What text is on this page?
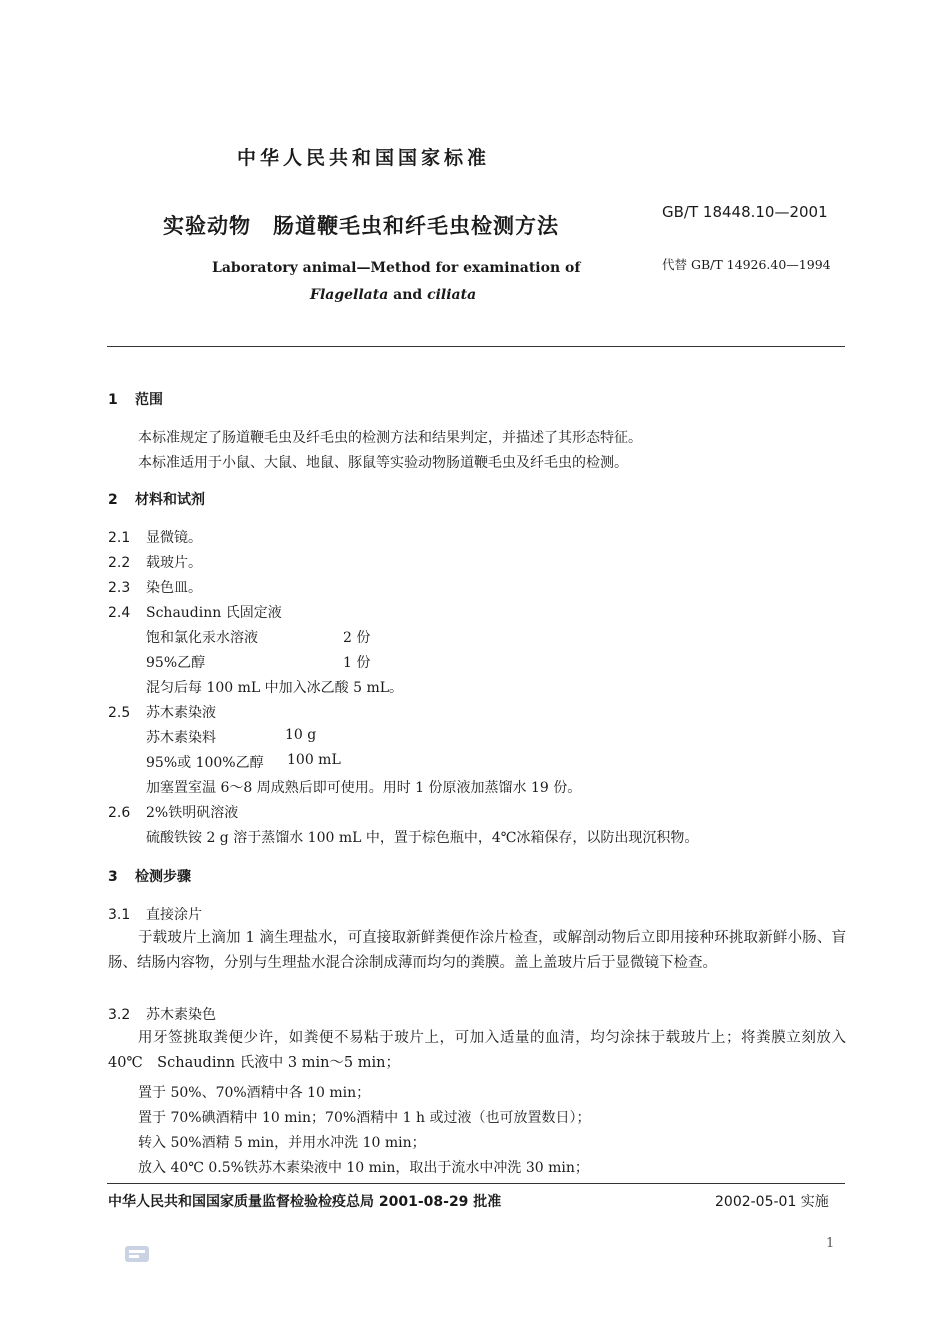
中华人民共和国国家标准
实验动物　肠道鞭毛虫和纤毛虫检测方法
Laboratory animal—Method for examination of
Flagellata and ciliata
GB/T 18448.10—2001
代替 GB/T 14926.40—1994
1 范围
本标准规定了肠道鞭毛虫及纤毛虫的检测方法和结果判定，并描述了其形态特征。
本标准适用于小鼠、大鼠、地鼠、豚鼠等实验动物肠道鞭毛虫及纤毛虫的检测。
2 材料和试剂
2.1 显微镜。
2.2 载玻片。
2.3 染色皿。
2.4 Schaudinn 氏固定液
饱和氯化汞水溶液	2 份
95%乙醇	1 份
混匀后每 100 mL 中加入冰乙酸 5 mL。
2.5 苏木素染液
苏木素染料	10 g
95%或 100%乙醇 100 mL
加塞置室温 6～8 周成熟后即可使用。用时 1 份原液加蒸馏水 19 份。
2.6 2%铁明矾溶液
硫酸铁铵 2 g 溶于蒸馏水 100 mL 中，置于棕色瓶中，4℃冰箱保存，以防出现沉积物。
3 检测步骤
3.1 直接涂片
于载玻片上滴加 1 滴生理盐水，可直接取新鲜粪便作涂片检查，或解剖动物后立即用接种环挑取新鲜小肠、盲肠、结肠内容物，分别与生理盐水混合涂制成薄而均匀的粪膜。盖上盖玻片后于显微镜下检查。
3.2 苏木素染色
用牙签挑取粪便少许，如粪便不易粘于玻片上，可加入适量的血清，均匀涂抹于载玻片上；将粪膜立刻放入 40℃　Schaudinn 氏液中 3 min～5 min；
置于 50%、70%酒精中各 10 min；
置于 70%碘酒精中 10 min；70%酒精中 1 h 或过液（也可放置数日）；
转入 50%酒精 5 min，并用水冲洗 10 min；
放入 40℃ 0.5%铁苏木素染液中 10 min，取出于流水中冲洗 30 min；
中华人民共和国国家质量监督检验检疫总局 2001-08-29 批准	2002-05-01 实施
1
